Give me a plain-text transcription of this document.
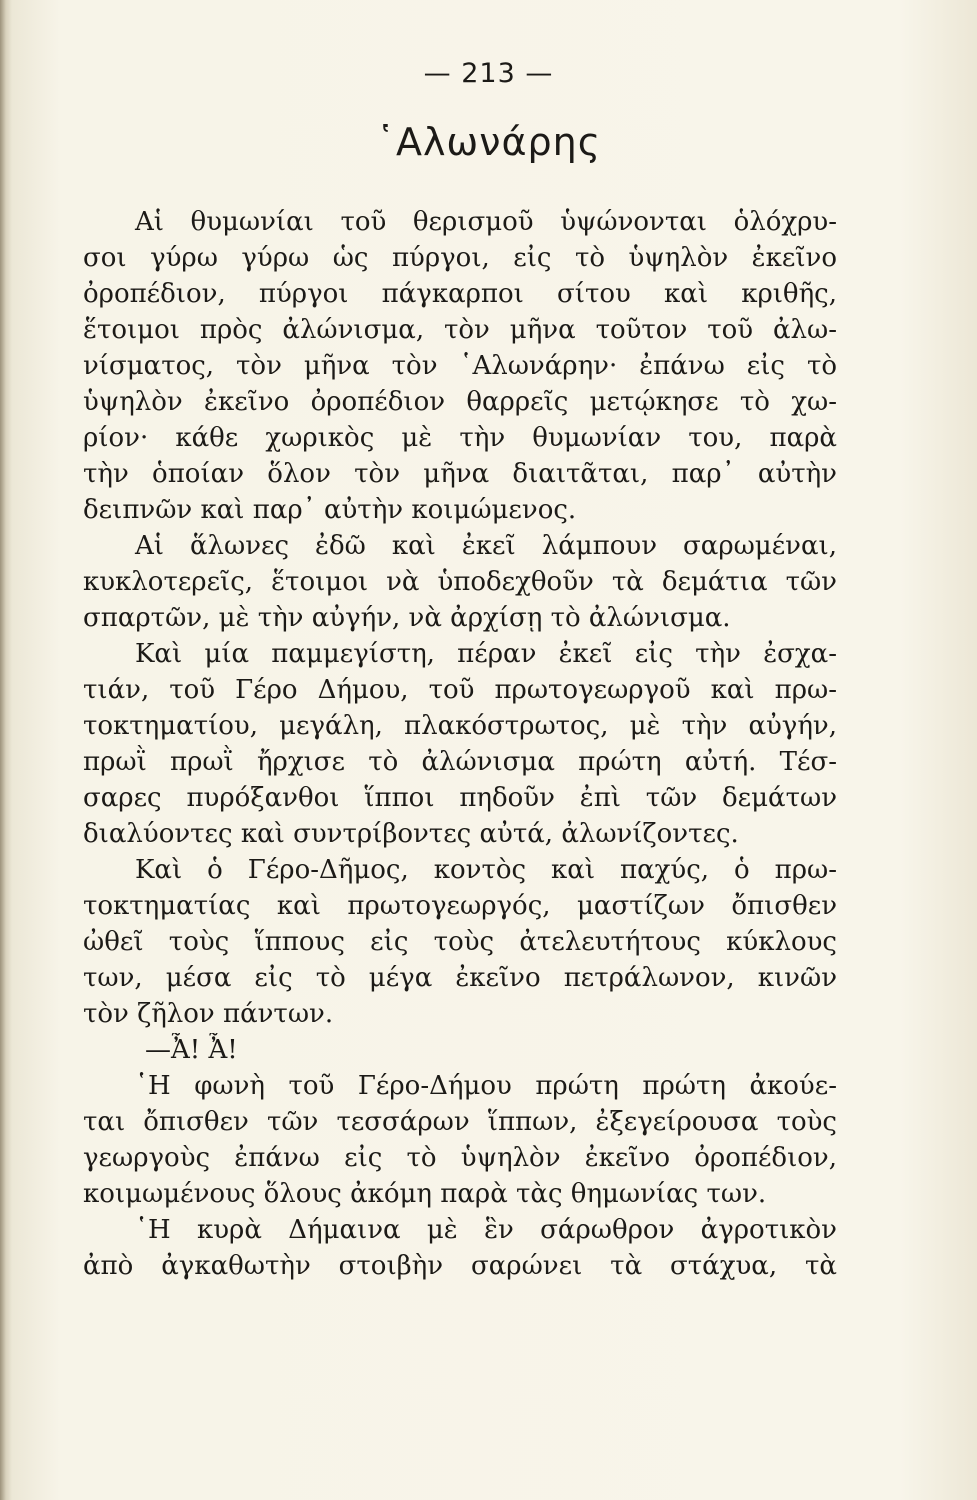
— 213 —
῾Αλωνάρης
Αἱ θυμωνίαι τοῦ θερισμοῦ ὑψώνονται ὁλόχρυ-
σοι γύρω γύρω ὡς πύργοι, εἰς τὸ ὑψηλὸν ἐκεῖνο
ὀροπέδιον, πύργοι πάγκαρποι σίτου καὶ κριθῆς,
ἕτοιμοι πρὸς ἀλώνισμα, τὸν μῆνα τοῦτον τοῦ ἀλω-
νίσματος, τὸν μῆνα τὸν ῾Αλωνάρην· ἐπάνω εἰς τὸ
ὑψηλὸν ἐκεῖνο ὀροπέδιον θαρρεῖς μετῴκησε τὸ χω-
ρίον· κάθε χωρικὸς μὲ τὴν θυμωνίαν του, παρὰ
τὴν ὁποίαν ὅλον τὸν μῆνα διαιτᾶται, παρ᾽ αὐτὴν
δειπνῶν καὶ παρ᾽ αὐτὴν κοιμώμενος.
Αἱ ἅλωνες ἐδῶ καὶ ἐκεῖ λάμπουν σαρωμέναι,
κυκλοτερεῖς, ἕτοιμοι νὰ ὑποδεχθοῦν τὰ δεμάτια τῶν
σπαρτῶν, μὲ τὴν αὐγήν, νὰ ἀρχίσῃ τὸ ἀλώνισμα.
Καὶ μία παμμεγίστη, πέραν ἐκεῖ εἰς τὴν ἐσχα-
τιάν, τοῦ Γέρο Δήμου, τοῦ πρωτογεωργοῦ καὶ πρω-
τοκτηματίου, μεγάλη, πλακόστρωτος, μὲ τὴν αὐγήν,
πρωῒ πρωῒ ἤρχισε τὸ ἀλώνισμα πρώτη αὐτή. Τέσ-
σαρες πυρόξανθοι ἵπποι πηδοῦν ἐπὶ τῶν δεμάτων
διαλύοντες καὶ συντρίβοντες αὐτά, ἀλωνίζοντες.
Καὶ ὁ Γέρο-Δῆμος, κοντὸς καὶ παχύς, ὁ πρω-
τοκτηματίας καὶ πρωτογεωργός, μαστίζων ὄπισθεν
ὠθεῖ τοὺς ἵππους εἰς τοὺς ἀτελευτήτους κύκλους
των, μέσα εἰς τὸ μέγα ἐκεῖνο πετράλωνον, κινῶν
τὸν ζῆλον πάντων.
—Ἆ! Ἆ!
῾Η φωνὴ τοῦ Γέρο-Δήμου πρώτη πρώτη ἀκούε-
ται ὄπισθεν τῶν τεσσάρων ἵππων, ἐξεγείρουσα τοὺς
γεωργοὺς ἐπάνω εἰς τὸ ὑψηλὸν ἐκεῖνο ὀροπέδιον,
κοιμωμένους ὅλους ἀκόμη παρὰ τὰς θημωνίας των.
῾Η κυρὰ Δήμαινα μὲ ἓν σάρωθρον ἀγροτικὸν
ἀπὸ ἀγκαθωτὴν στοιβὴν σαρώνει τὰ στάχυα, τὰ
